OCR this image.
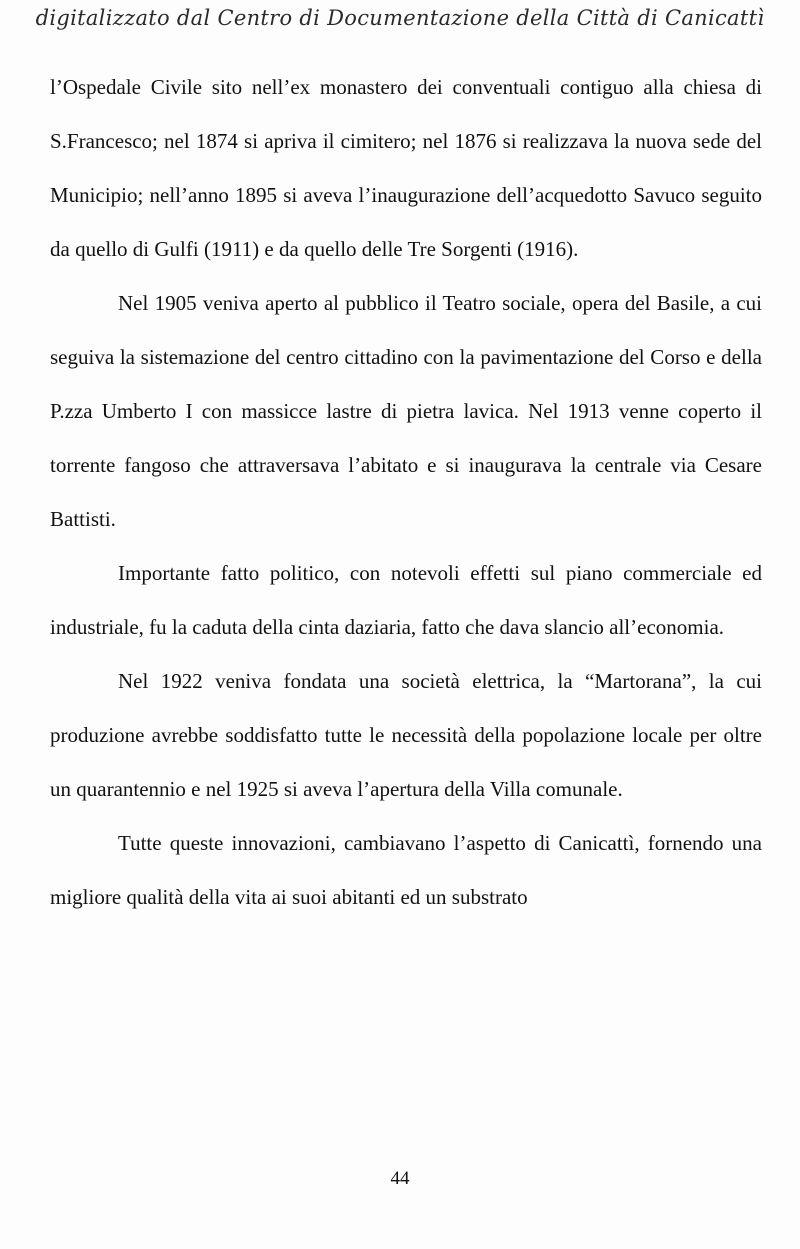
digitalizzato dal Centro di Documentazione della Città di Canicattì

l’Ospedale Civile sito nell’ex monastero dei conventuali contiguo alla chiesa di S.Francesco; nel 1874 si apriva il cimitero; nel 1876 si realizzava la nuova sede del Municipio; nell’anno 1895 si aveva l’inaugurazione dell’acquedotto Savuco seguito da quello di Gulfi (1911) e da quello delle Tre Sorgenti (1916).

Nel 1905 veniva aperto al pubblico il Teatro sociale, opera del Basile, a cui seguiva la sistemazione del centro cittadino con la pavimentazione del Corso e della P.zza Umberto I con massicce lastre di pietra lavica. Nel 1913 venne coperto il torrente fangoso che attraversava l’abitato e si inaugurava la centrale via Cesare Battisti.

Importante fatto politico, con notevoli effetti sul piano commerciale ed industriale, fu la caduta della cinta daziaria, fatto che dava slancio all’economia.

Nel 1922 veniva fondata una società elettrica, la “Martorana”, la cui produzione avrebbe soddisfatto tutte le necessità della popolazione locale per oltre un quarantennio e nel 1925 si aveva l’apertura della Villa comunale.

Tutte queste innovazioni, cambiavano l’aspetto di Canicattì, fornendo una migliore qualità della vita ai suoi abitanti ed un substrato

44
